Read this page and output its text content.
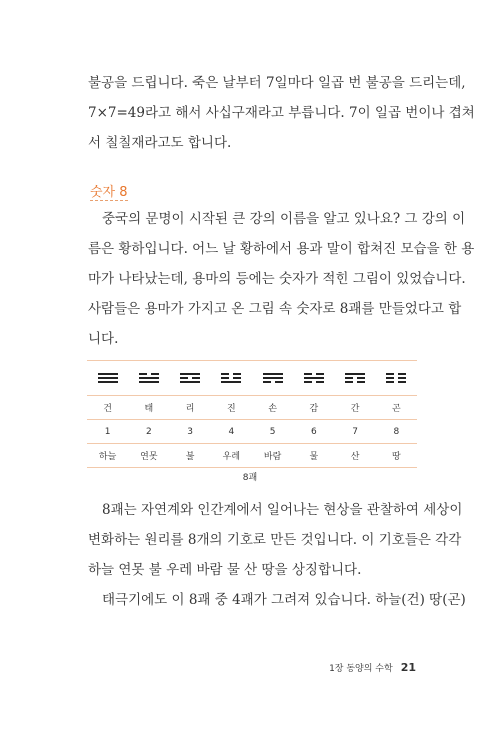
불공을 드립니다. 죽은 날부터 7일마다 일곱 번 불공을 드리는데,

7×7=49라고 해서 사십구재라고 부릅니다. 7이 일곱 번이나 겹쳐

서 칠칠재라고도 합니다.

숫자 8

중국의 문명이 시작된 큰 강의 이름을 알고 있나요? 그 강의 이

름은 황하입니다. 어느 날 황하에서 용과 말이 합쳐진 모습을 한 용

마가 나타났는데, 용마의 등에는 숫자가 적힌 그림이 있었습니다.

사람들은 용마가 가지고 온 그림 속 숫자로 8괘를 만들었다고 합

니다.

건	태	리	진	손	감	간	곤
1	2	3	4	5	6	7	8
하늘	연못	불	우레	바람	물	산	땅
8괘

8괘는 자연계와 인간계에서 일어나는 현상을 관찰하여 세상이

변화하는 원리를 8개의 기호로 만든 것입니다. 이 기호들은 각각

하늘 연못 불 우레 바람 물 산 땅을 상징합니다.

태극기에도 이 8괘 중 4괘가 그려져 있습니다. 하늘(건) 땅(곤)

1장 동양의 수학 21
